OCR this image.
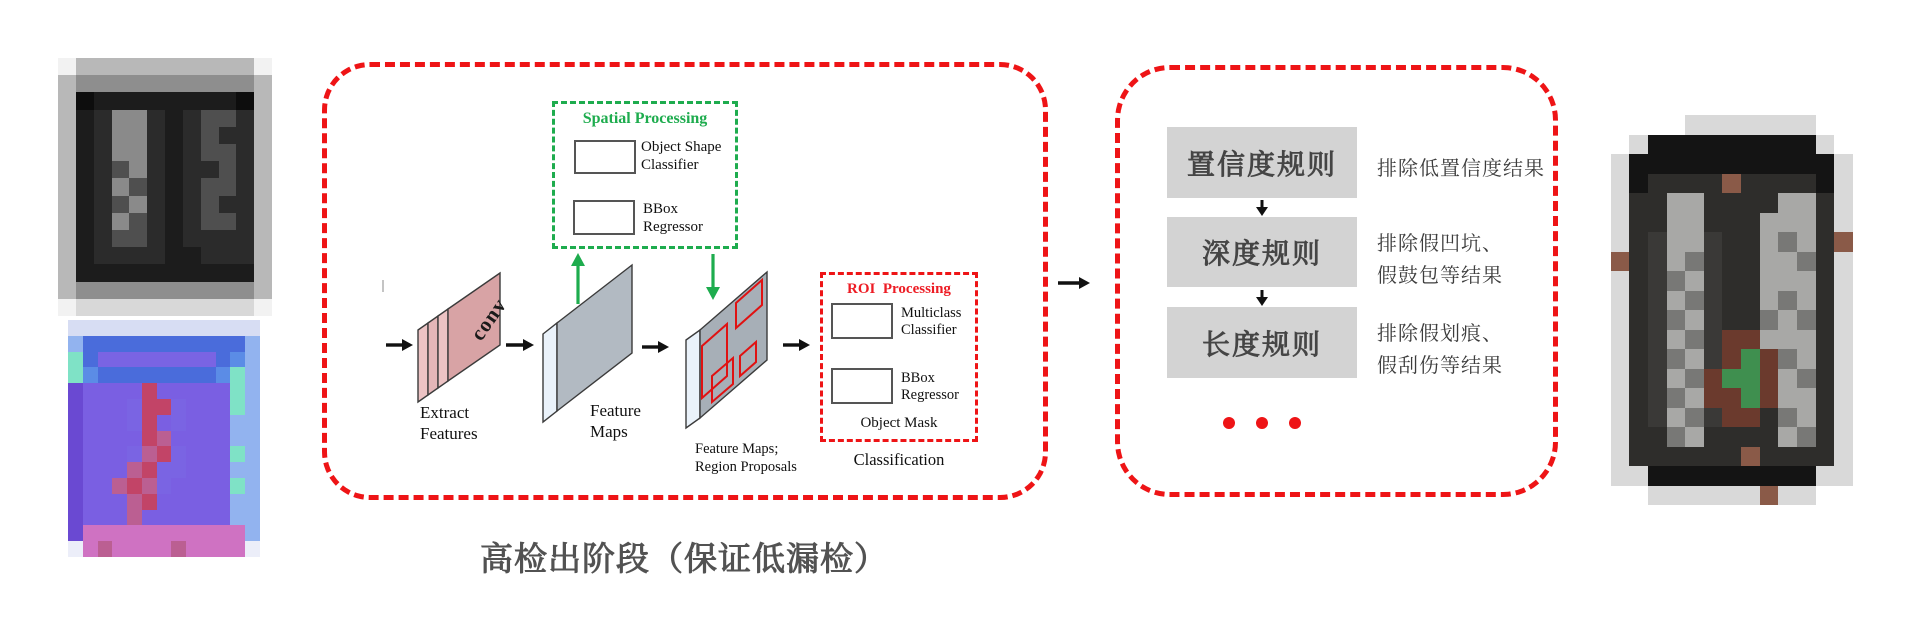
Spatial Processing
Object Shape
Classifier
BBox
Regressor
ROI  Processing
Multiclass
Classifier
BBox
Regressor
Object Mask
Classification
conv
Extract
Features
Feature
Maps
Feature Maps;
Region Proposals
高检出阶段（保证低漏检）
置信度规则	排除低置信度结果
深度规则	排除假凹坑、
假鼓包等结果
长度规则	排除假划痕、
假刮伤等结果
